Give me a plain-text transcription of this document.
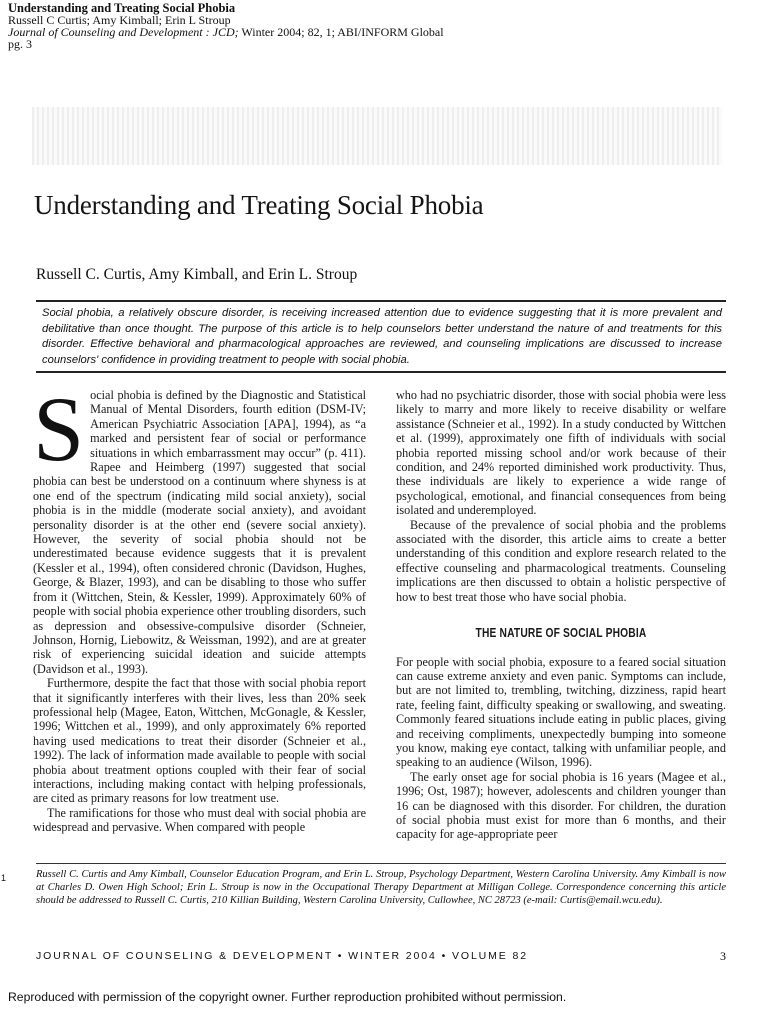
Understanding and Treating Social Phobia
Russell C Curtis; Amy Kimball; Erin L Stroup
Journal of Counseling and Development : JCD; Winter 2004; 82, 1; ABI/INFORM Global
pg. 3
Understanding and Treating Social Phobia
Russell C. Curtis, Amy Kimball, and Erin L. Stroup

Social phobia, a relatively obscure disorder, is receiving increased attention due to evidence suggesting that it is more prevalent and debilitative than once thought. The purpose of this article is to help counselors better understand the nature of and treatments for this disorder. Effective behavioral and pharmacological approaches are reviewed, and counseling implications are discussed to increase counselors' confidence in providing treatment to people with social phobia.

S ocial phobia is defined by the Diagnostic and Statistical Manual of Mental Disorders, fourth edition (DSM-IV; American Psychiatric Association [APA], 1994), as “a marked and persistent fear of social or performance situations in which embarrassment may occur” (p. 411). Rapee and Heimberg (1997) suggested that social phobia can best be understood on a continuum where shyness is at one end of the spectrum (indicating mild social anxiety), social phobia is in the middle (moderate social anxiety), and avoidant personality disorder is at the other end (severe social anxiety). However, the severity of social phobia should not be underestimated because evidence suggests that it is prevalent (Kessler et al., 1994), often considered chronic (Davidson, Hughes, George, & Blazer, 1993), and can be disabling to those who suffer from it (Wittchen, Stein, & Kessler, 1999). Approximately 60% of people with social phobia experience other troubling disorders, such as depression and obsessive-compulsive disorder (Schneier, Johnson, Hornig, Liebowitz, & Weissman, 1992), and are at greater risk of experiencing suicidal ideation and suicide attempts (Davidson et al., 1993).

Furthermore, despite the fact that those with social phobia report that it significantly interferes with their lives, less than 20% seek professional help (Magee, Eaton, Wittchen, McGonagle, & Kessler, 1996; Wittchen et al., 1999), and only approximately 6% reported having used medications to treat their disorder (Schneier et al., 1992). The lack of information made available to people with social phobia about treatment options coupled with their fear of social interactions, including making contact with helping professionals, are cited as primary reasons for low treatment use.

The ramifications for those who must deal with social phobia are widespread and pervasive. When compared with people

who had no psychiatric disorder, those with social phobia were less likely to marry and more likely to receive disability or welfare assistance (Schneier et al., 1992). In a study conducted by Wittchen et al. (1999), approximately one fifth of individuals with social phobia reported missing school and/or work because of their condition, and 24% reported diminished work productivity. Thus, these individuals are likely to experience a wide range of psychological, emotional, and financial consequences from being isolated and underemployed.

Because of the prevalence of social phobia and the problems associated with the disorder, this article aims to create a better understanding of this condition and explore research related to the effective counseling and pharmacological treatments. Counseling implications are then discussed to obtain a holistic perspective of how to best treat those who have social phobia.

THE NATURE OF SOCIAL PHOBIA

For people with social phobia, exposure to a feared social situation can cause extreme anxiety and even panic. Symptoms can include, but are not limited to, trembling, twitching, dizziness, rapid heart rate, feeling faint, difficulty speaking or swallowing, and sweating. Commonly feared situations include eating in public places, giving and receiving compliments, unexpectedly bumping into someone you know, making eye contact, talking with unfamiliar people, and speaking to an audience (Wilson, 1996).

The early onset age for social phobia is 16 years (Magee et al., 1996; Ost, 1987); however, adolescents and children younger than 16 can be diagnosed with this disorder. For children, the duration of social phobia must exist for more than 6 months, and their capacity for age-appropriate peer

1	Russell C. Curtis and Amy Kimball, Counselor Education Program, and Erin L. Stroup, Psychology Department, Western Carolina University. Amy Kimball is now at Charles D. Owen High School; Erin L. Stroup is now in the Occupational Therapy Department at Milligan College. Correspondence concerning this article should be addressed to Russell C. Curtis, 210 Killian Building, Western Carolina University, Cullowhee, NC 28723 (e-mail: Curtis@email.wcu.edu).

JOURNAL OF COUNSELING & DEVELOPMENT • WINTER 2004 • VOLUME 82	3
Reproduced with permission of the copyright owner. Further reproduction prohibited without permission.
